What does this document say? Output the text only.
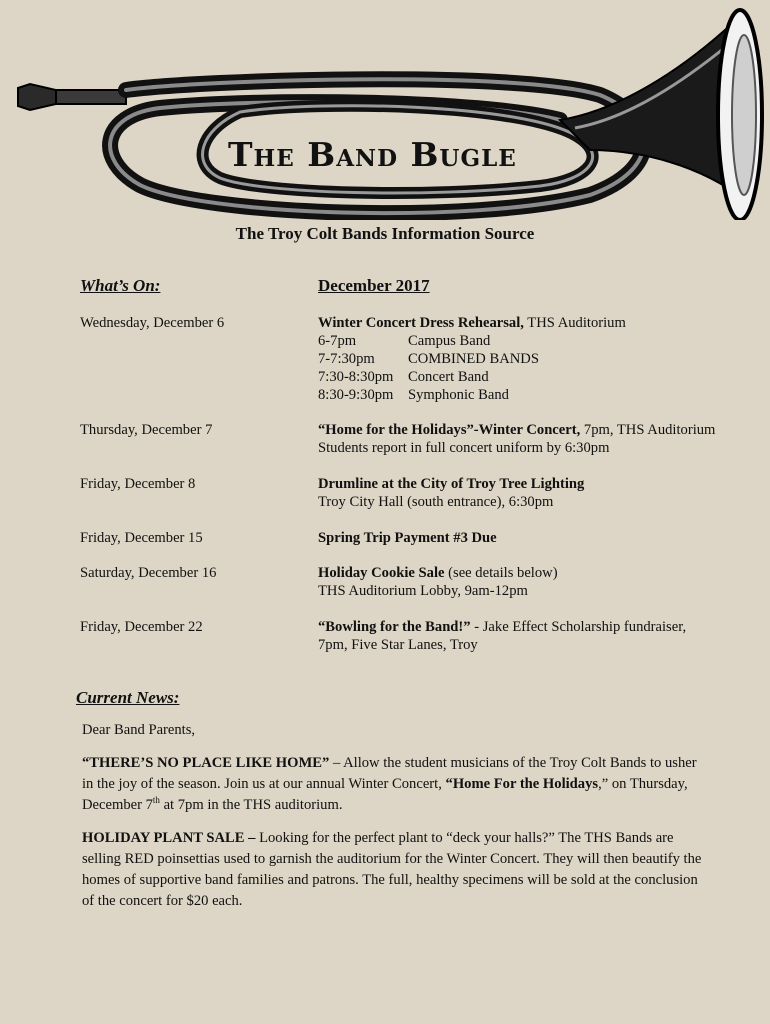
The Band Bugle
The Troy Colt Bands Information Source
What’s On:	December 2017
Wednesday, December 6	Winter Concert Dress Rehearsal, THS Auditorium
6-7pm	Campus Band
7-7:30pm	COMBINED BANDS
7:30-8:30pm Concert Band
8:30-9:30pm Symphonic Band
Thursday, December 7	“Home for the Holidays”-Winter Concert, 7pm, THS Auditorium
Students report in full concert uniform by 6:30pm
Friday, December 8	Drumline at the City of Troy Tree Lighting
Troy City Hall (south entrance), 6:30pm
Friday, December 15	Spring Trip Payment #3 Due
Saturday, December 16	Holiday Cookie Sale (see details below)
THS Auditorium Lobby, 9am-12pm
Friday, December 22	“Bowling for the Band!” - Jake Effect Scholarship fundraiser,
7pm, Five Star Lanes, Troy
Current News:

Dear Band Parents,

“THERE’S NO PLACE LIKE HOME” – Allow the student musicians of the Troy Colt Bands to usher in the joy of the season. Join us at our annual Winter Concert, “Home For the Holidays,” on Thursday, December 7th at 7pm in the THS auditorium.

HOLIDAY PLANT SALE – Looking for the perfect plant to “deck your halls?” The THS Bands are selling RED poinsettias used to garnish the auditorium for the Winter Concert. They will then beautify the homes of supportive band families and patrons. The full, healthy specimens will be sold at the conclusion of the concert for $20 each.
